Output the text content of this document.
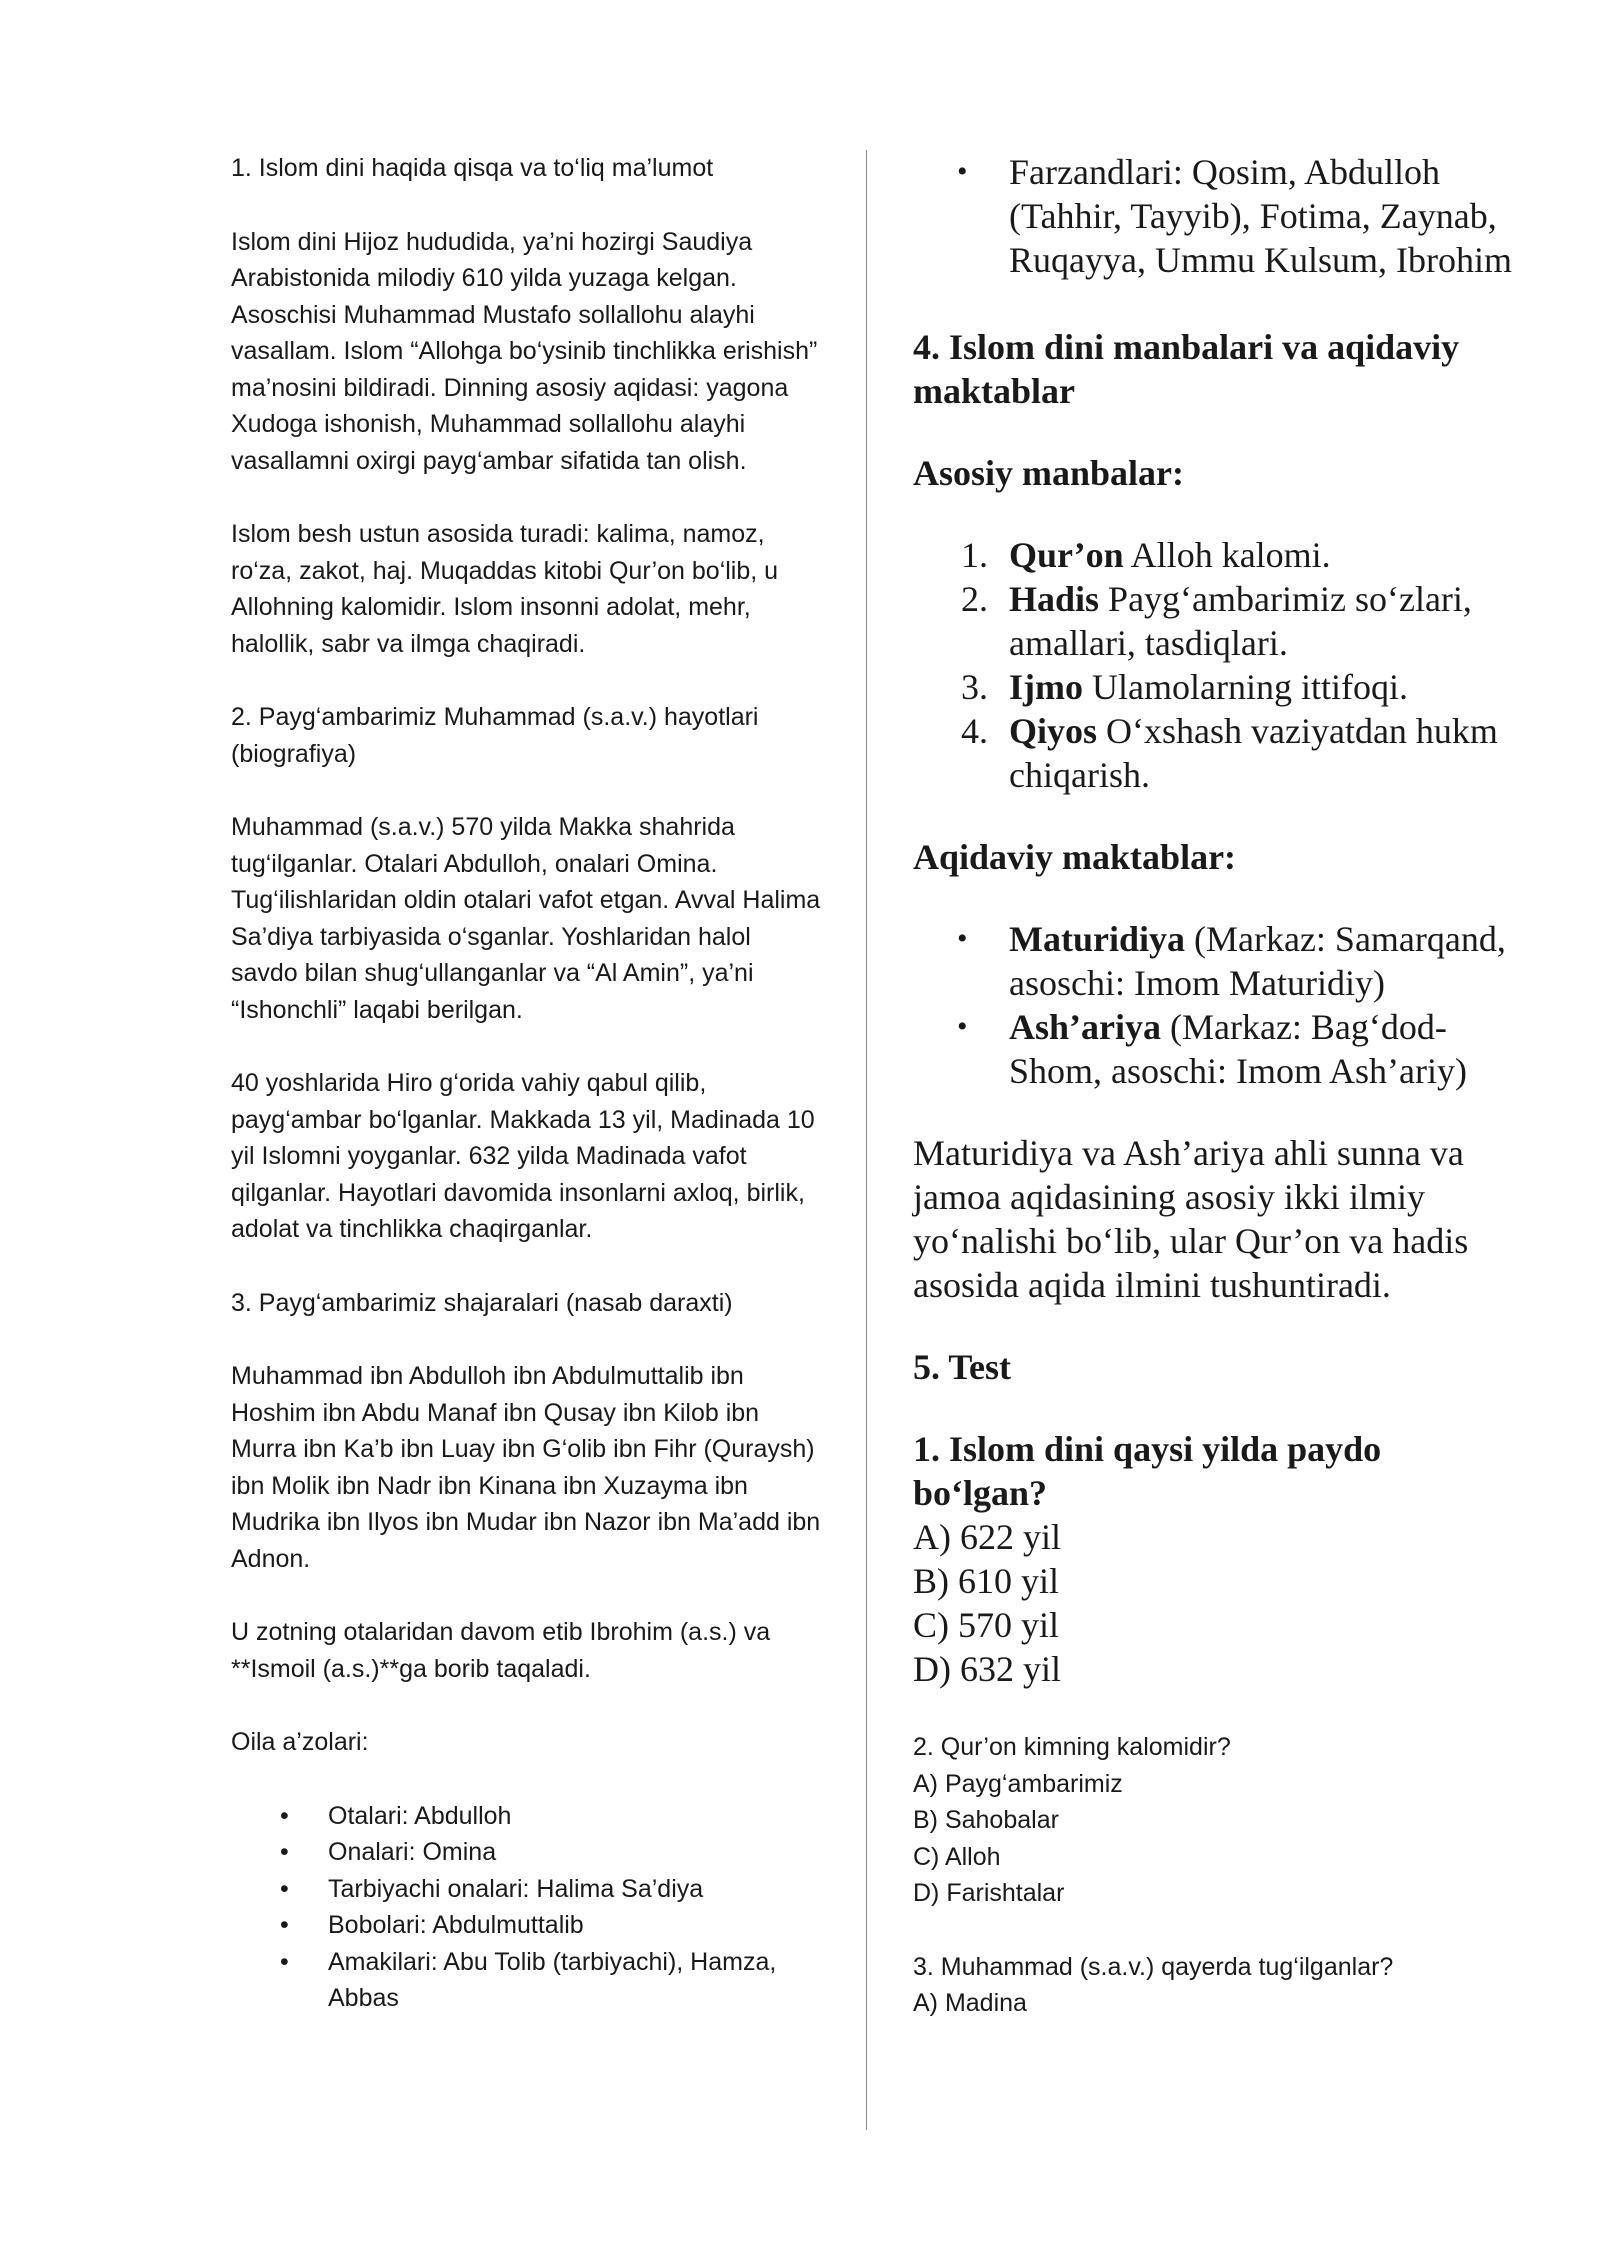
1. Islom dini haqida qisqa va to‘liq ma’lumot

Islom dini Hijoz hududida, ya’ni hozirgi Saudiya Arabistonida milodiy 610 yilda yuzaga kelgan. Asoschisi Muhammad Mustafo sollallohu alayhi vasallam. Islom “Allohga bo‘ysinib tinchlikka erishish” ma’nosini bildiradi. Dinning asosiy aqidasi: yagona Xudoga ishonish, Muhammad sollallohu alayhi vasallamni oxirgi payg‘ambar sifatida tan olish.

Islom besh ustun asosida turadi: kalima, namoz, ro‘za, zakot, haj. Muqaddas kitobi Qur’on bo‘lib, u Allohning kalomidir. Islom insonni adolat, mehr, halollik, sabr va ilmga chaqiradi.

2. Payg‘ambarimiz Muhammad (s.a.v.) hayotlari (biografiya)

Muhammad (s.a.v.) 570 yilda Makka shahrida tug‘ilganlar. Otalari Abdulloh, onalari Omina. Tug‘ilishlaridan oldin otalari vafot etgan. Avval Halima Sa’diya tarbiyasida o‘sganlar. Yoshlaridan halol savdo bilan shug‘ullanganlar va “Al Amin”, ya’ni “Ishonchli” laqabi berilgan.

40 yoshlarida Hiro g‘orida vahiy qabul qilib, payg‘ambar bo‘lganlar. Makkada 13 yil, Madinada 10 yil Islomni yoyganlar. 632 yilda Madinada vafot qilganlar. Hayotlari davomida insonlarni axloq, birlik, adolat va tinchlikka chaqirganlar.

3. Payg‘ambarimiz shajaralari (nasab daraxti)

Muhammad ibn Abdulloh ibn Abdulmuttalib ibn Hoshim ibn Abdu Manaf ibn Qusay ibn Kilob ibn Murra ibn Ka’b ibn Luay ibn G‘olib ibn Fihr (Quraysh) ibn Molik ibn Nadr ibn Kinana ibn Xuzayma ibn Mudrika ibn Ilyos ibn Mudar ibn Nazor ibn Ma’add ibn Adnon.

U zotning otalaridan davom etib Ibrohim (a.s.) va **Ismoil (a.s.)**ga borib taqaladi.

Oila a’zolari:

• Otalari: Abdulloh
• Onalari: Omina
• Tarbiyachi onalari: Halima Sa’diya
• Bobolari: Abdulmuttalib
• Amakilari: Abu Tolib (tarbiyachi), Hamza, Abbas
• Farzandlari: Qosim, Abdulloh (Tahhir, Tayyib), Fotima, Zaynab, Ruqayya, Ummu Kulsum, Ibrohim
4. Islom dini manbalari va aqidaviy maktablar
Asosiy manbalar:
1. Qur’on Alloh kalomi.
2. Hadis Payg‘ambarimiz so‘zlari, amallari, tasdiqlari.
3. Ijmo Ulamolarning ittifoqi.
4. Qiyos O‘xshash vaziyatdan hukm chiqarish.
Aqidaviy maktablar:
• Maturidiya (Markaz: Samarqand, asoschi: Imom Maturidiy)
• Ash’ariya (Markaz: Bag‘dod-Shom, asoschi: Imom Ash’ariy)

Maturidiya va Ash’ariya ahli sunna va jamoa aqidasining asosiy ikki ilmiy yo‘nalishi bo‘lib, ular Qur’on va hadis asosida aqida ilmini tushuntiradi.

5. Test
1. Islom dini qaysi yilda paydo bo‘lgan?
A) 622 yil
B) 610 yil
C) 570 yil
D) 632 yil
2. Qur’on kimning kalomidir?
A) Payg‘ambarimiz
B) Sahobalar
C) Alloh
D) Farishtalar
3. Muhammad (s.a.v.) qayerda tug‘ilganlar?
A) Madina
